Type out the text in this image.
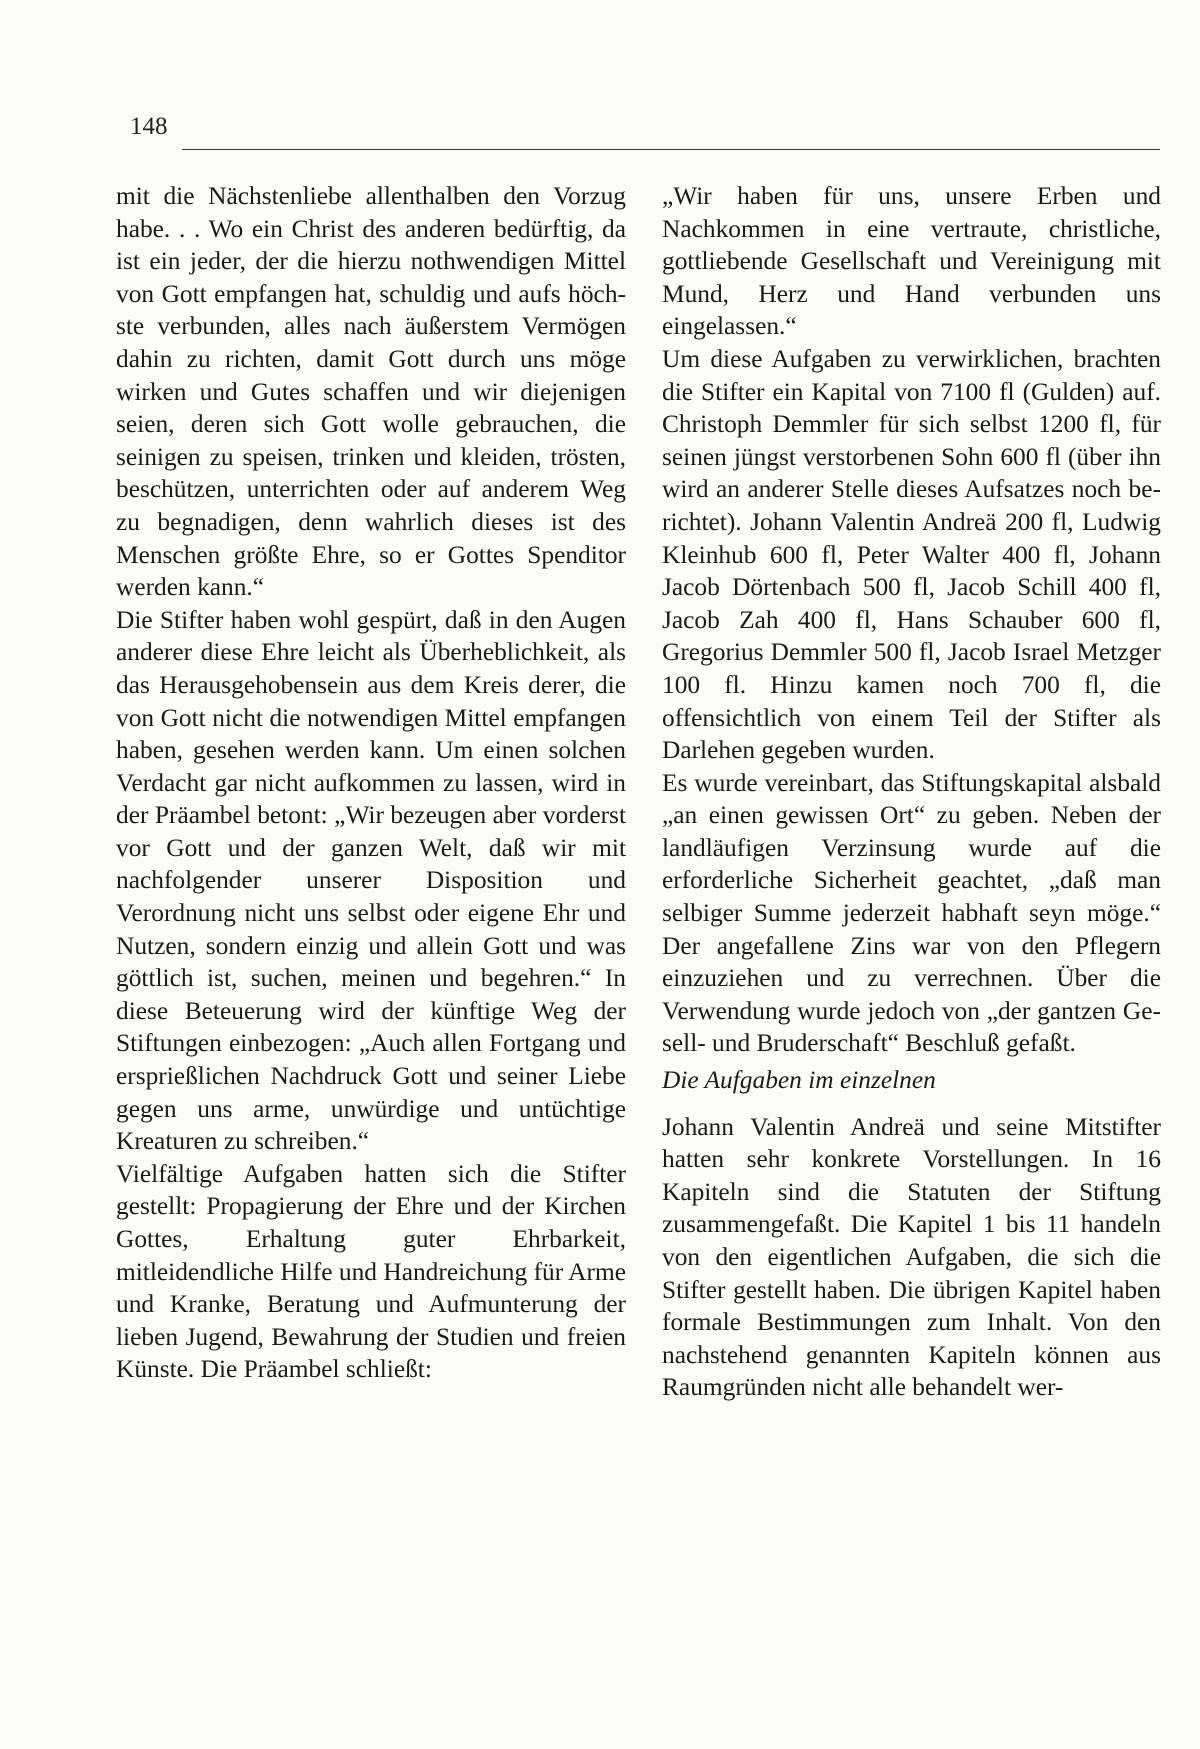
148

mit die Nächstenliebe allenthalben den Vorzug habe. . . Wo ein Christ des anderen bedürftig, da ist ein jeder, der die hierzu nothwendigen Mittel von Gott empfangen hat, schuldig und aufs höchste verbunden, alles nach äußerstem Vermögen dahin zu richten, damit Gott durch uns möge wirken und Gutes schaffen und wir diejenigen seien, deren sich Gott wolle gebrauchen, die seinigen zu speisen, trinken und kleiden, trösten, beschützen, unterrichten oder auf anderem Weg zu begnadigen, denn wahrlich dieses ist des Menschen größte Ehre, so er Gottes Spenditor werden kann.“

Die Stifter haben wohl gespürt, daß in den Augen anderer diese Ehre leicht als Überheblichkeit, als das Herausgehobensein aus dem Kreis derer, die von Gott nicht die notwendigen Mittel empfangen haben, gesehen werden kann. Um einen solchen Verdacht gar nicht aufkommen zu lassen, wird in der Präambel betont: „Wir bezeugen aber vorderst vor Gott und der ganzen Welt, daß wir mit nachfolgender unserer Disposition und Verordnung nicht uns selbst oder eigene Ehr und Nutzen, sondern einzig und allein Gott und was göttlich ist, suchen, meinen und begehren.“ In diese Beteuerung wird der künftige Weg der Stiftungen einbezogen: „Auch allen Fortgang und ersprießlichen Nachdruck Gott und seiner Liebe gegen uns arme, unwürdige und untüchtige Kreaturen zu schreiben.“

Vielfältige Aufgaben hatten sich die Stifter gestellt: Propagierung der Ehre und der Kirchen Gottes, Erhaltung guter Ehrbarkeit, mitleidendliche Hilfe und Handreichung für Arme und Kranke, Beratung und Aufmunterung der lieben Jugend, Bewahrung der Studien und freien Künste. Die Präambel schließt:

„Wir haben für uns, unsere Erben und Nachkommen in eine vertraute, christliche, gottliebende Gesellschaft und Vereinigung mit Mund, Herz und Hand verbunden uns eingelassen.“

Um diese Aufgaben zu verwirklichen, brachten die Stifter ein Kapital von 7100 fl (Gulden) auf. Christoph Demmler für sich selbst 1200 fl, für seinen jüngst verstorbenen Sohn 600 fl (über ihn wird an anderer Stelle dieses Aufsatzes noch berichtet). Johann Valentin Andreä 200 fl, Ludwig Kleinhub 600 fl, Peter Walter 400 fl, Johann Jacob Dörtenbach 500 fl, Jacob Schill 400 fl, Jacob Zah 400 fl, Hans Schauber 600 fl, Gregorius Demmler 500 fl, Jacob Israel Metzger 100 fl. Hinzu kamen noch 700 fl, die offensichtlich von einem Teil der Stifter als Darlehen gegeben wurden.

Es wurde vereinbart, das Stiftungskapital alsbald „an einen gewissen Ort“ zu geben. Neben der landläufigen Verzinsung wurde auf die erforderliche Sicherheit geachtet, „daß man selbiger Summe jederzeit habhaft seyn möge.“ Der angefallene Zins war von den Pflegern einzuziehen und zu verrechnen. Über die Verwendung wurde jedoch von „der gantzen Gesell- und Bruderschaft“ Beschluß gefaßt.

Die Aufgaben im einzelnen

Johann Valentin Andreä und seine Mitstifter hatten sehr konkrete Vorstellungen. In 16 Kapiteln sind die Statuten der Stiftung zusammengefaßt. Die Kapitel 1 bis 11 handeln von den eigentlichen Aufgaben, die sich die Stifter gestellt haben. Die übrigen Kapitel haben formale Bestimmungen zum Inhalt. Von den nachstehend genannten Kapiteln können aus Raumgründen nicht alle behandelt wer-
